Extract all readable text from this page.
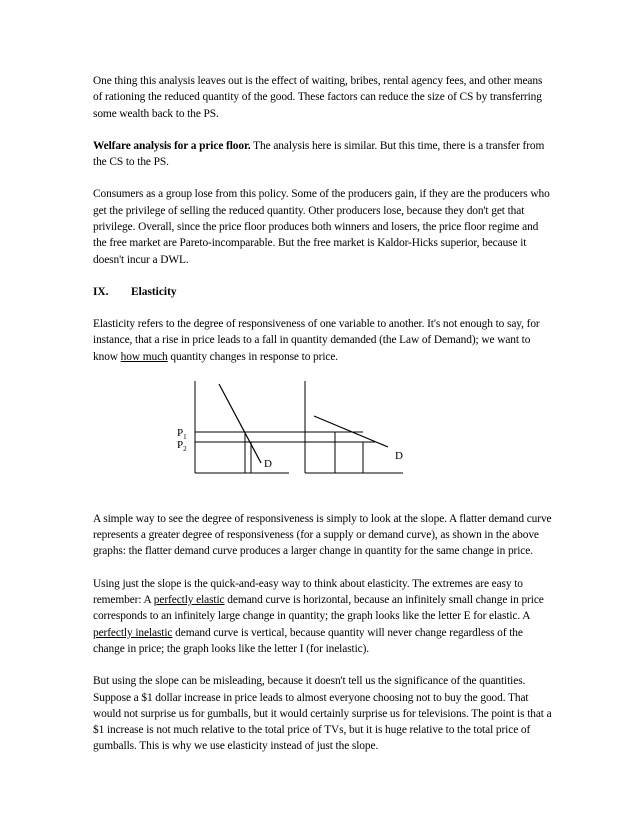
One thing this analysis leaves out is the effect of waiting, bribes, rental agency fees, and other means of rationing the reduced quantity of the good. These factors can reduce the size of CS by transferring some wealth back to the PS.

Welfare analysis for a price floor. The analysis here is similar. But this time, there is a transfer from the CS to the PS.

Consumers as a group lose from this policy. Some of the producers gain, if they are the producers who get the privilege of selling the reduced quantity. Other producers lose, because they don't get that privilege. Overall, since the price floor produces both winners and losers, the price floor regime and the free market are Pareto-incomparable. But the free market is Kaldor-Hicks superior, because it doesn't incur a DWL.

IX. Elasticity

Elasticity refers to the degree of responsiveness of one variable to another. It's not enough to say, for instance, that a rise in price leads to a fall in quantity demanded (the Law of Demand); we want to know how much quantity changes in response to price.

$P_1$
$P_2$
D
D

A simple way to see the degree of responsiveness is simply to look at the slope. A flatter demand curve represents a greater degree of responsiveness (for a supply or demand curve), as shown in the above graphs: the flatter demand curve produces a larger change in quantity for the same change in price.

Using just the slope is the quick-and-easy way to think about elasticity. The extremes are easy to remember: A perfectly elastic demand curve is horizontal, because an infinitely small change in price corresponds to an infinitely large change in quantity; the graph looks like the letter E for elastic. A perfectly inelastic demand curve is vertical, because quantity will never change regardless of the change in price; the graph looks like the letter I (for inelastic).

But using the slope can be misleading, because it doesn't tell us the significance of the quantities. Suppose a $1 dollar increase in price leads to almost everyone choosing not to buy the good. That would not surprise us for gumballs, but it would certainly surprise us for televisions. The point is that a $1 increase is not much relative to the total price of TVs, but it is huge relative to the total price of gumballs. This is why we use elasticity instead of just the slope.
